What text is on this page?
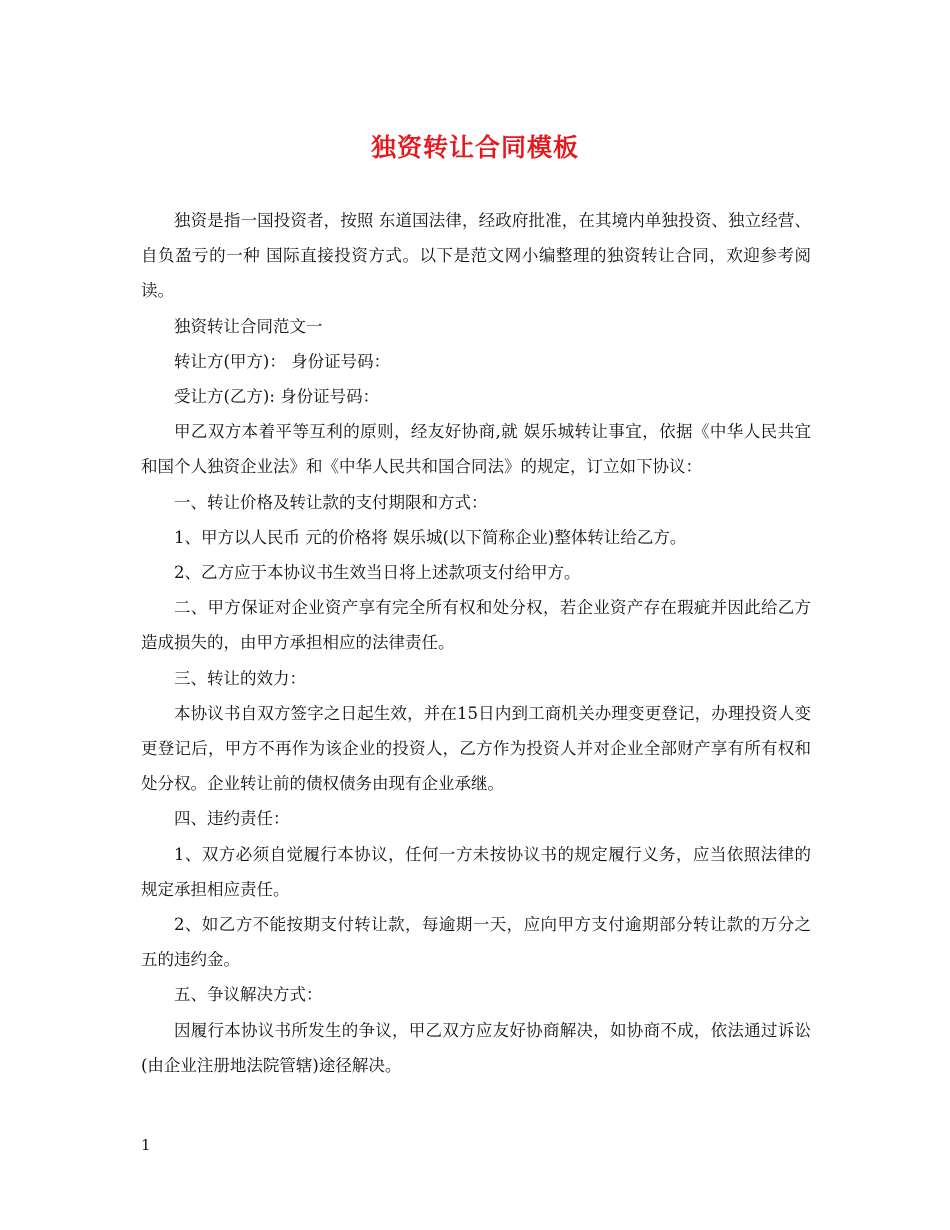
独资转让合同模板

独资是指一国投资者，按照 东道国法律，经政府批准，在其境内单独投资、独立经营、自负盈亏的一种 国际直接投资方式。以下是范文网小编整理的独资转让合同，欢迎参考阅读。

独资转让合同范文一

转让方(甲方)： 身份证号码：

受让方(乙方): 身份证号码：

甲乙双方本着平等互利的原则，经友好协商,就 娱乐城转让事宜，依据《中华人民共宜和国个人独资企业法》和《中华人民共和国合同法》的规定，订立如下协议：

一、转让价格及转让款的支付期限和方式：

1、甲方以人民币 元的价格将 娱乐城(以下简称企业)整体转让给乙方。

2、乙方应于本协议书生效当日将上述款项支付给甲方。

二、甲方保证对企业资产享有完全所有权和处分权，若企业资产存在瑕疵并因此给乙方造成损失的，由甲方承担相应的法律责任。

三、转让的效力：

本协议书自双方签字之日起生效，并在15日内到工商机关办理变更登记，办理投资人变更登记后，甲方不再作为该企业的投资人，乙方作为投资人并对企业全部财产享有所有权和处分权。企业转让前的债权债务由现有企业承继。

四、违约责任：

1、双方必须自觉履行本协议，任何一方未按协议书的规定履行义务，应当依照法律的规定承担相应责任。

2、如乙方不能按期支付转让款，每逾期一天，应向甲方支付逾期部分转让款的万分之五的违约金。

五、争议解决方式：

因履行本协议书所发生的争议，甲乙双方应友好协商解决，如协商不成，依法通过诉讼(由企业注册地法院管辖)途径解决。

1
